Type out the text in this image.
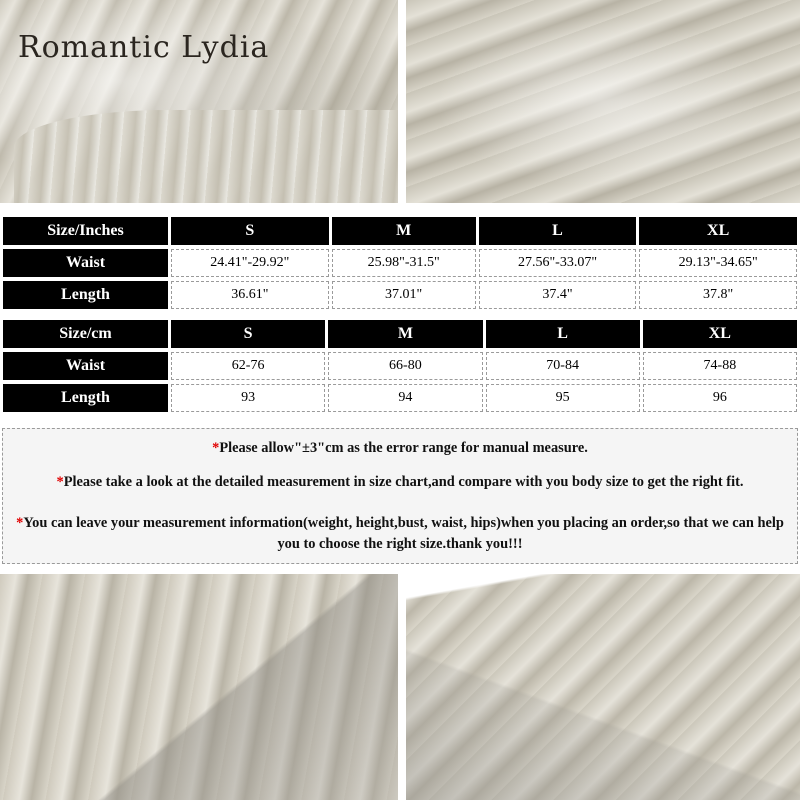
Romantic Lydia
Size/Inches	S	M	L	XL
Waist	24.41"-29.92"	25.98"-31.5"	27.56"-33.07"	29.13"-34.65"
Length	36.61"	37.01"	37.4"	37.8"
Size/cm	S	M	L	XL
Waist	62-76	66-80	70-84	74-88
Length	93	94	95	96
*Please allow"±3"cm as the error range for manual measure.
*Please take a look at the detailed measurement in size chart,and compare with you body size to get the right fit.
*You can leave your measurement information(weight, height,bust, waist, hips)when you placing an order,so that we can help you to choose the right size.thank you!!!
